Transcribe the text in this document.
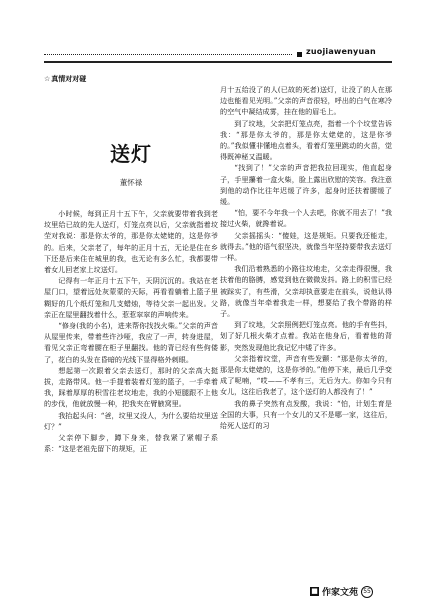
zuojiawenyuan
☆真情对对碰
送灯
董怀禄

小时候，每到正月十五下午，父亲就要带着我到老坟里给已故的先人送灯，灯笼点亮以后，父亲就指着坟茔对我说：那是你太爷的，那是你太姥姥的，这是你爷的。后来，父亲老了，每年的正月十五，无论是住在乡下还是后来住在城里的我，也无论有多么忙，我都要带着女儿回老家上坟送灯。

记得有一年正月十五下午，天阴沉沉的。我站在老屋门口，望着远处灰蒙蒙的天际，再看看躺着上篮子里糊好的几个纸灯笼和几支蜡烛，等待父亲一起出发。父亲正在屋里翻找着什么，惹惹窣窣的声响传来。

“修身(我的小名)，进来帮你找找火柴。”父亲的声音从屋里传来，带着些许沙哑，我应了一声，转身进屋，看见父亲正弯着腰在柜子里翻找。他的背已经有些佝偻了，花白的头发在昏暗的光线下显得格外刺眼。

想起第一次跟着父亲去送灯，那时的父亲高大挺拔，走路带风。他一手提着装着灯笼的篮子，一手牵着我，踩着厚厚的积雪往老坟地走，我的小短腿跟不上他的步伐，他就放慢一种，把我夹在臂腋窝里。

我抬起头问：“爸，坟里又没人，为什么要给坟里送灯？”

父亲停下脚步，蹲下身来，替我紧了紧帽子系系：“这是老祖先留下的规矩，正

月十五给没了的人(已故的死者)送灯，让没了的人在那边也能看见光明。”父亲的声音很轻，呼出的白气在寒冷的空气中凝结成雾，挂在他的眉毛上。

到了坟地，父亲把灯笼点亮，指着一个个坟堂告诉我：“那是你太爷的，那是你太姥姥的，这是你爷的。”我似懂非懂地点着头，看着灯笼里跳动的火苗，觉得既神秘又温暖。

“找到了！”父亲的声音把我拉回现实，他直起身子，手里攥着一盒火柴，脸上露出欣慰的笑容。我注意到他的动作比往年迟缓了许多，起身时还扶着腰缓了缓。

“怕，要不今年我一个人去吧，你就不用去了！”我接过火柴，就搀着说。

父亲摇摇头：“傻娃，这是规矩。只要我还能走，就得去。”他的语气很坚决，就像当年坚持要带我去送灯一样。

我们沿着熟悉的小路往坟地走，父亲走得很慢，我扶着他的胳膊，感觉到他在微微发抖。路上的积雪已经被踩实了，有些滑，父亲却执意要走在前头，说他认得路，就像当年牵着我走一样，想要给了我个带路的样子。

到了坟地，父亲照例把灯笼点亮。他的手有些抖，划了好几根火柴才点着。我站在他身后，看着他的背影，突然发现他比我记忆中矮了许多。

父亲指着坟堂，声音有些发颤：“那是你太爷的，那是你太姥姥的，这是你爷的。”他停下来，最后几乎变成了呢喃，“哎——不孝有三，无后为大。你如今只有女儿，这往后我老了，这个送灯的人都没有了！”

我的鼻子突然有点发酸，我说：“怕，计划生育是全国的大事，只有一个女儿的又不是哪一家，这往后，给死人送灯的习

■ 作家文苑 55
